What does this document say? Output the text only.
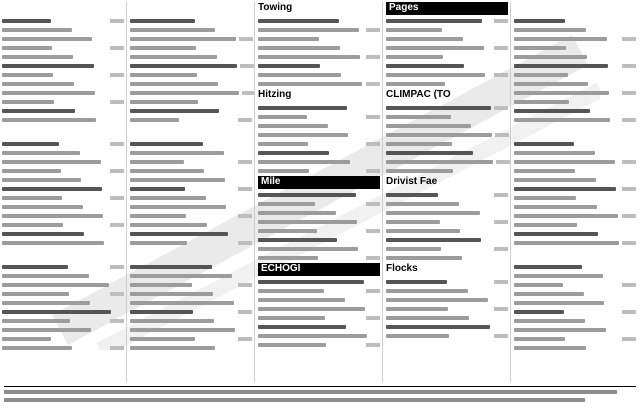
Towing
Hitzing
Mile
ECHOGI
Pages
CLIMPAC (TO
Drivist Fae
Flocks
